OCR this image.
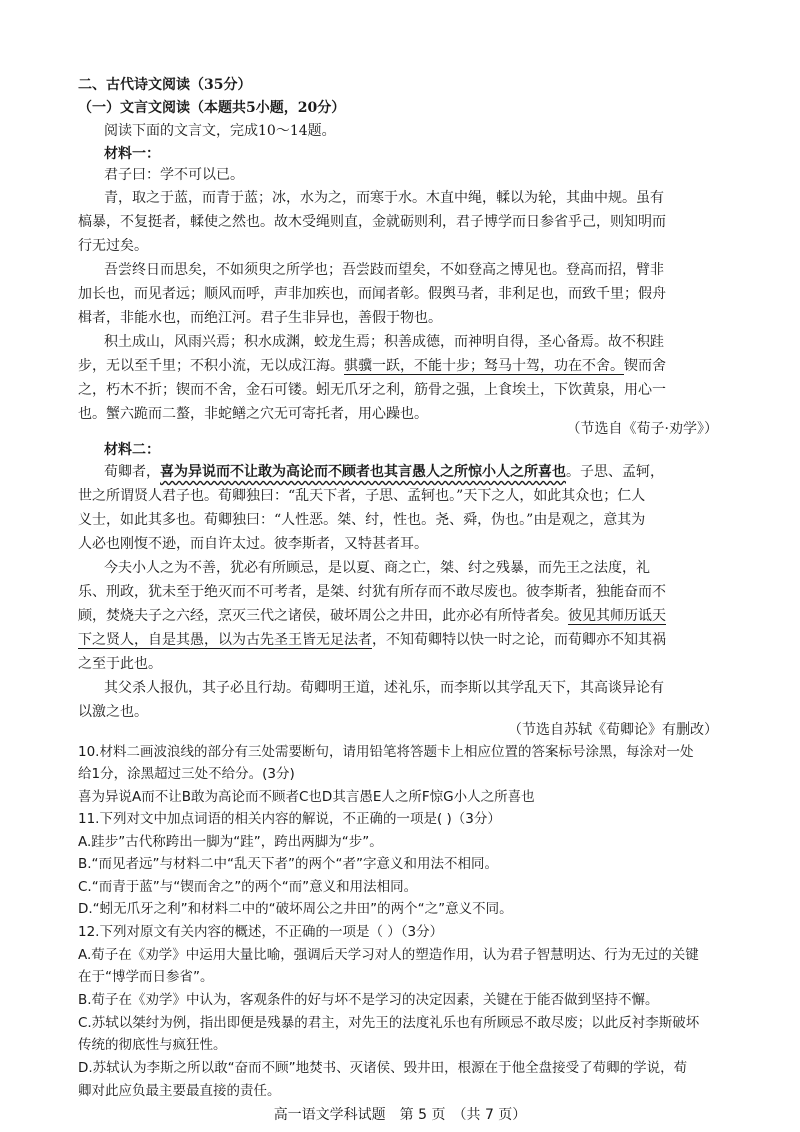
二、古代诗文阅读（35分）
（一）文言文阅读（本题共5小题，20分）
阅读下面的文言文，完成10～14题。
材料一：
君子曰：学不可以已。
青，取之于蓝，而青于蓝；冰，水为之，而寒于水。木直中绳，輮以为轮，其曲中规。虽有
槁暴，不复挺者，輮使之然也。故木受绳则直，金就砺则利，君子博学而日参省乎己，则知明而
行无过矣。
吾尝终日而思矣，不如须臾之所学也；吾尝跂而望矣，不如登高之博见也。登高而招，臂非
加长也，而见者远；顺风而呼，声非加疾也，而闻者彰。假舆马者，非利足也，而致千里；假舟
楫者，非能水也，而绝江河。君子生非异也，善假于物也。
积土成山，风雨兴焉；积水成渊，蛟龙生焉；积善成德，而神明自得，圣心备焉。故不积跬
步，无以至千里；不积小流，无以成江海。骐骥一跃，不能十步；驽马十驾，功在不舍。锲而舍
之，朽木不折；锲而不舍，金石可镂。蚓无爪牙之利，筋骨之强，上食埃土，下饮黄泉，用心一
也。蟹六跪而二螯，非蛇鳝之穴无可寄托者，用心躁也。
（节选自《荀子·劝学》）
材料二：
荀卿者，喜为异说而不让敢为高论而不顾者也其言愚人之所惊小人之所喜也。子思、孟轲，
世之所谓贤人君子也。荀卿独曰：“乱天下者，子思、孟轲也。”天下之人，如此其众也；仁人
义士，如此其多也。荀卿独曰：“人性恶。桀、纣，性也。尧、舜，伪也。”由是观之，意其为
人必也刚愎不逊，而自许太过。彼李斯者，又特甚者耳。
今夫小人之为不善，犹必有所顾忌，是以夏、商之亡，桀、纣之残暴，而先王之法度，礼
乐、刑政，犹未至于绝灭而不可考者，是桀、纣犹有所存而不敢尽废也。彼李斯者，独能奋而不
顾，焚烧夫子之六经，烹灭三代之诸侯，破坏周公之井田，此亦必有所恃者矣。彼见其师历诋天
下之贤人，自是其愚，以为古先圣王皆无足法者，不知荀卿特以快一时之论，而荀卿亦不知其祸
之至于此也。
其父杀人报仇，其子必且行劫。荀卿明王道，述礼乐，而李斯以其学乱天下，其高谈异论有
以激之也。
（节选自苏轼《荀卿论》有删改）
10.材料二画波浪线的部分有三处需要断句，请用铅笔将答题卡上相应位置的答案标号涂黑，每涂对一处
给1分，涂黑超过三处不给分。(3分)
喜为异说A而不让B敢为高论而不顾者C也D其言愚E人之所F惊G小人之所喜也
11.下列对文中加点词语的相关内容的解说，不正确的一项是( )（3分）
A.跬步”古代称跨出一脚为“跬”，跨出两脚为“步”。
B.“而见者远”与材料二中“乱天下者”的两个“者”字意义和用法不相同。
C.“而青于蓝”与“锲而舍之”的两个“而”意义和用法相同。
D.“蚓无爪牙之利”和材料二中的“破坏周公之井田”的两个“之”意义不同。
12.下列对原文有关内容的概述，不正确的一项是（ ）（3分）
A.荀子在《劝学》中运用大量比喻，强调后天学习对人的塑造作用，认为君子智慧明达、行为无过的关键
在于“博学而日参省”。
B.荀子在《劝学》中认为，客观条件的好与坏不是学习的决定因素，关键在于能否做到坚持不懈。
C.苏轼以桀纣为例，指出即便是残暴的君主，对先王的法度礼乐也有所顾忌不敢尽废；以此反衬李斯破坏
传统的彻底性与疯狂性。
D.苏轼认为李斯之所以敢“奋而不顾”地焚书、灭诸侯、毁井田，根源在于他全盘接受了荀卿的学说，荀
卿对此应负最主要最直接的责任。
高一语文学科试题　第 5 页　（共 7 页）
